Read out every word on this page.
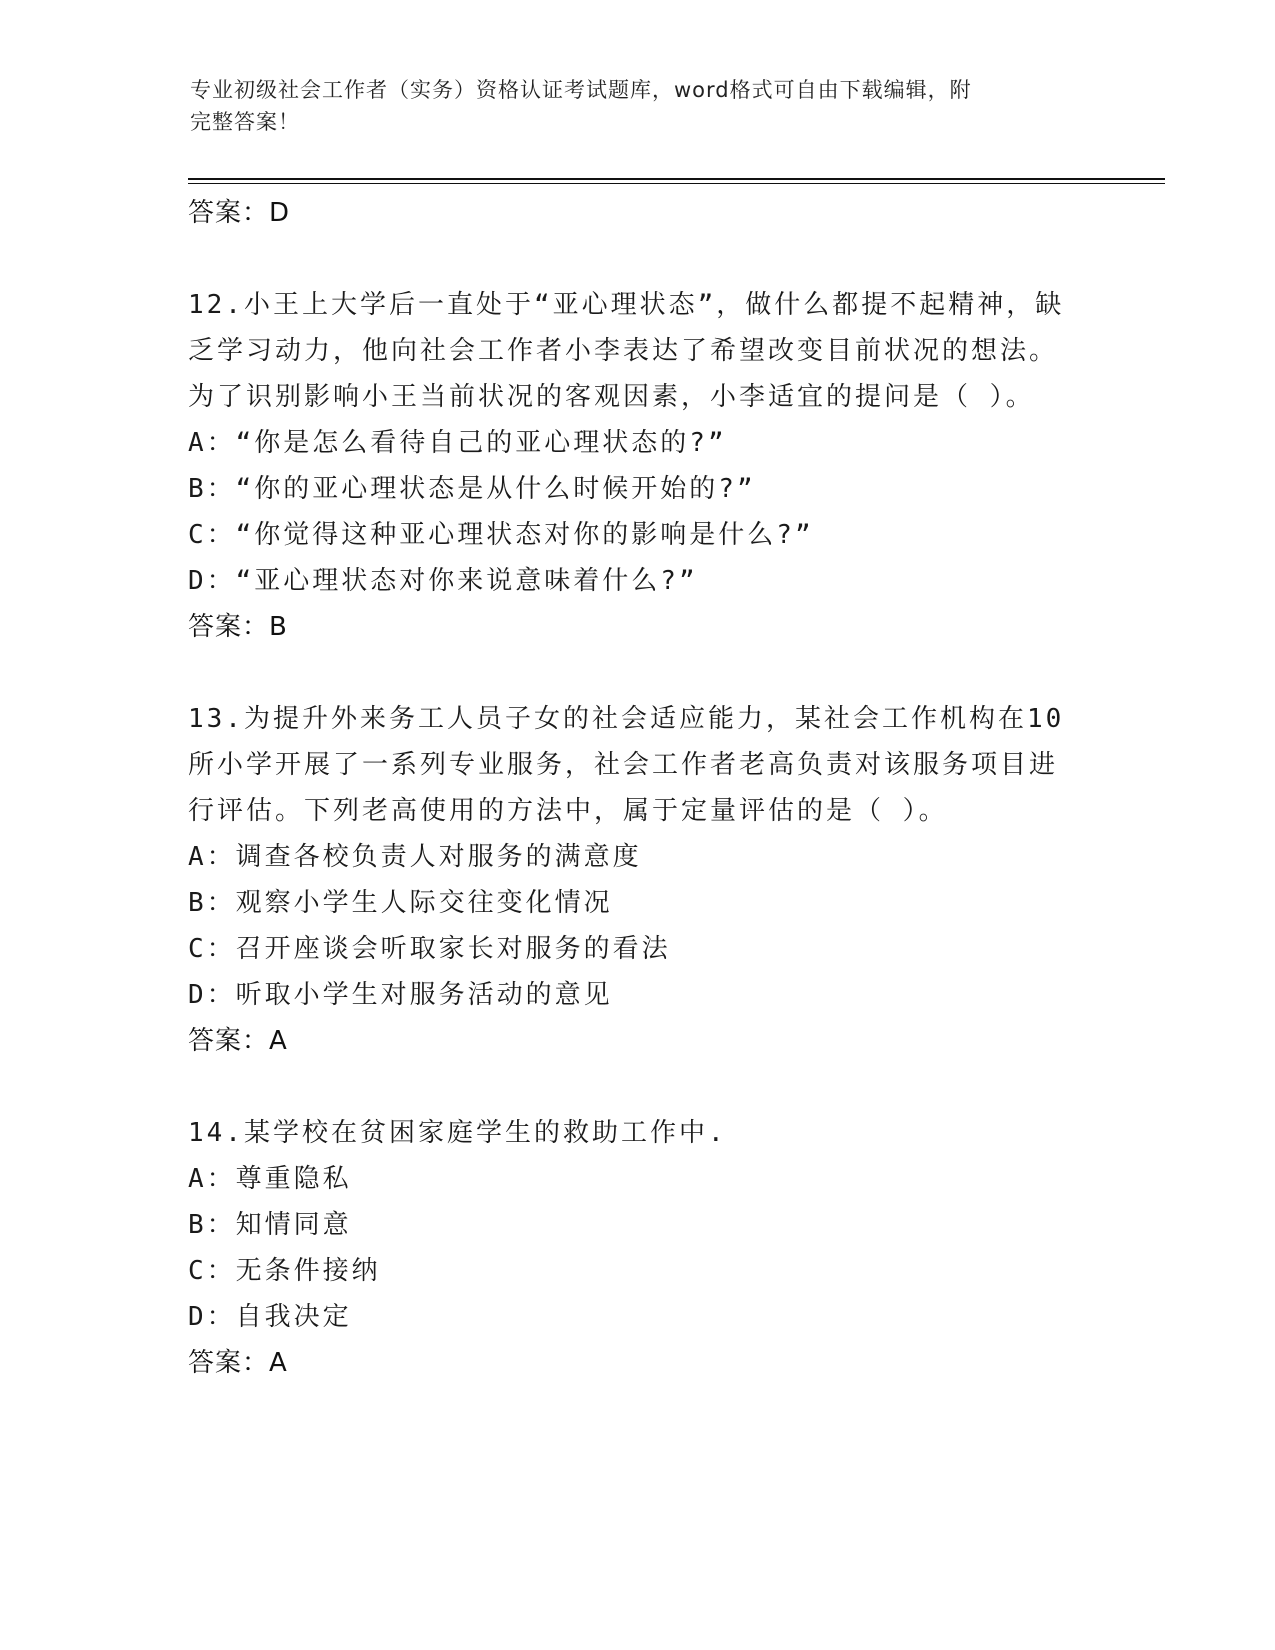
专业初级社会工作者（实务）资格认证考试题库，word格式可自由下载编辑，附
完整答案！
答案：D
12.小王上大学后一直处于“亚心理状态”，做什么都提不起精神，缺
乏学习动力，他向社会工作者小李表达了希望改变目前状况的想法。
为了识别影响小王当前状况的客观因素，小李适宜的提问是（ ）。
A：“你是怎么看待自己的亚心理状态的?”
B：“你的亚心理状态是从什么时候开始的?”
C：“你觉得这种亚心理状态对你的影响是什么?”
D：“亚心理状态对你来说意味着什么?”
答案：B
13.为提升外来务工人员子女的社会适应能力，某社会工作机构在10
所小学开展了一系列专业服务，社会工作者老高负责对该服务项目进
行评估。下列老高使用的方法中，属于定量评估的是（ ）。
A：调查各校负责人对服务的满意度
B：观察小学生人际交往变化情况
C：召开座谈会听取家长对服务的看法
D：听取小学生对服务活动的意见
答案：A
14.某学校在贫困家庭学生的救助工作中.
A：尊重隐私
B：知情同意
C：无条件接纳
D：自我决定
答案：A
